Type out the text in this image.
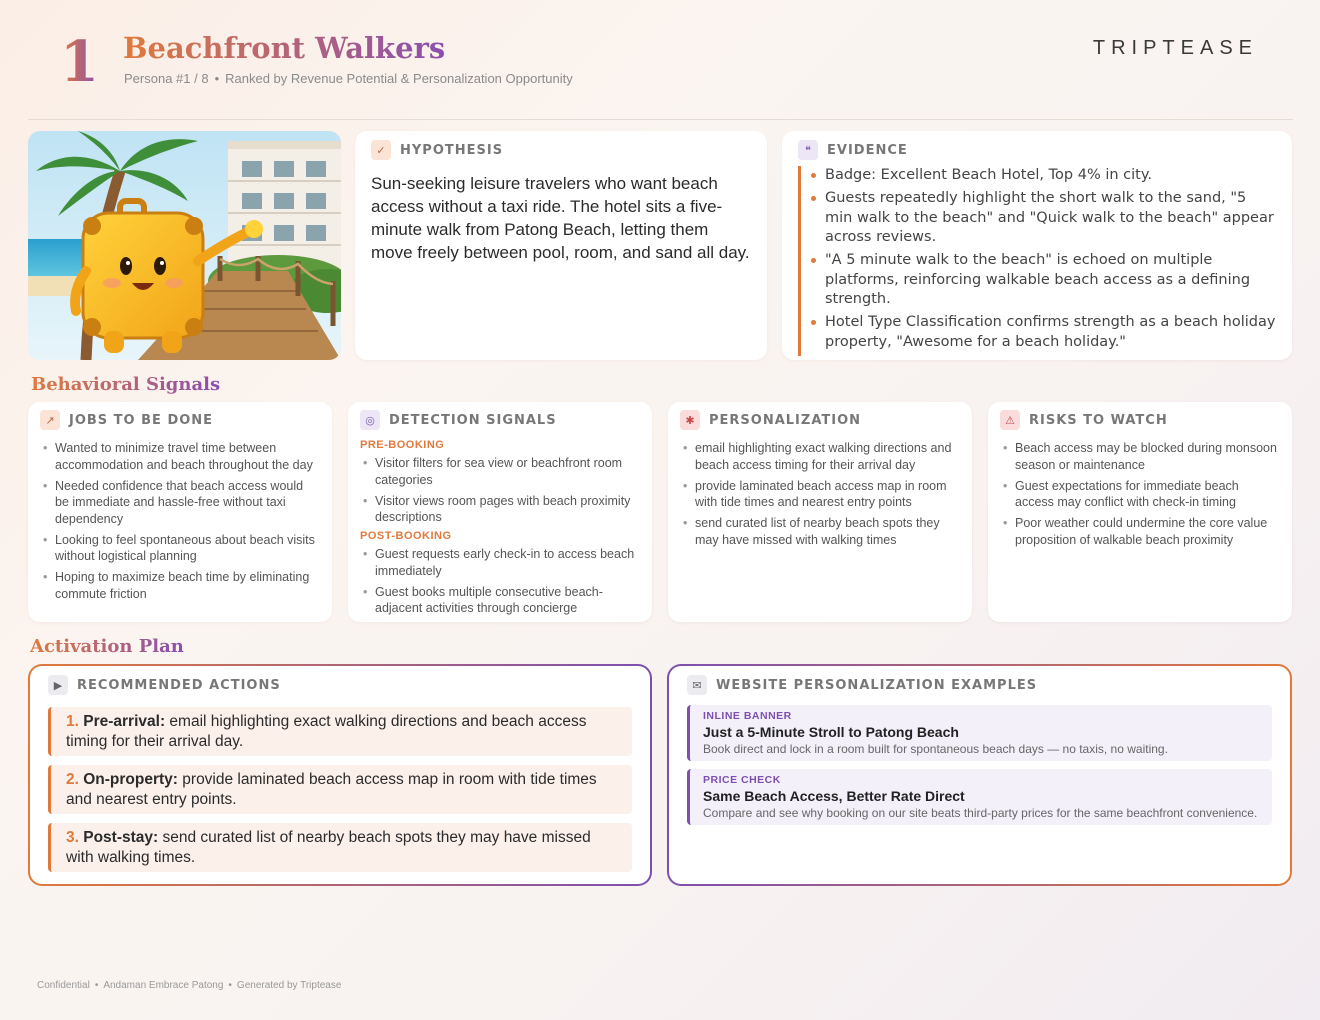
1 Beachfront Walkers
Persona #1 / 8 • Ranked by Revenue Potential & Personalization Opportunity
TRIPTEASE
✓	HYPOTHESIS
Sun-seeking leisure travelers who want beach access without a taxi ride. The hotel sits a five-minute walk from Patong Beach, letting them move freely between pool, room, and sand all day.
❝	EVIDENCE
Badge: Excellent Beach Hotel, Top 4% in city.
Guests repeatedly highlight the short walk to the sand, "5 min walk to the beach" and "Quick walk to the beach" appear across reviews.
"A 5 minute walk to the beach" is echoed on multiple platforms, reinforcing walkable beach access as a defining strength.
Hotel Type Classification confirms strength as a beach holiday property, "Awesome for a beach holiday."
Behavioral Signals
↗	JOBS TO BE DONE
• Wanted to minimize travel time between accommodation and beach throughout the day
• Needed confidence that beach access would be immediate and hassle-free without taxi dependency
• Looking to feel spontaneous about beach visits without logistical planning
• Hoping to maximize beach time by eliminating commute friction
◎	DETECTION SIGNALS
PRE-BOOKING
• Visitor filters for sea view or beachfront room categories
• Visitor views room pages with beach proximity descriptions
POST-BOOKING
• Guest requests early check-in to access beach immediately
• Guest books multiple consecutive beach-adjacent activities through concierge
✱	PERSONALIZATION
• email highlighting exact walking directions and beach access timing for their arrival day
• provide laminated beach access map in room with tide times and nearest entry points
• send curated list of nearby beach spots they may have missed with walking times
⚠	RISKS TO WATCH
• Beach access may be blocked during monsoon season or maintenance
• Guest expectations for immediate beach access may conflict with check-in timing
• Poor weather could undermine the core value proposition of walkable beach proximity
Activation Plan
▶	RECOMMENDED ACTIONS
1. Pre-arrival: email highlighting exact walking directions and beach access timing for their arrival day.
2. On-property: provide laminated beach access map in room with tide times and nearest entry points.
3. Post-stay: send curated list of nearby beach spots they may have missed with walking times.
✉	WEBSITE PERSONALIZATION EXAMPLES
INLINE BANNER
Just a 5-Minute Stroll to Patong Beach
Book direct and lock in a room built for spontaneous beach days — no taxis, no waiting.
PRICE CHECK
Same Beach Access, Better Rate Direct
Compare and see why booking on our site beats third-party prices for the same beachfront convenience.
Confidential • Andaman Embrace Patong • Generated by Triptease
